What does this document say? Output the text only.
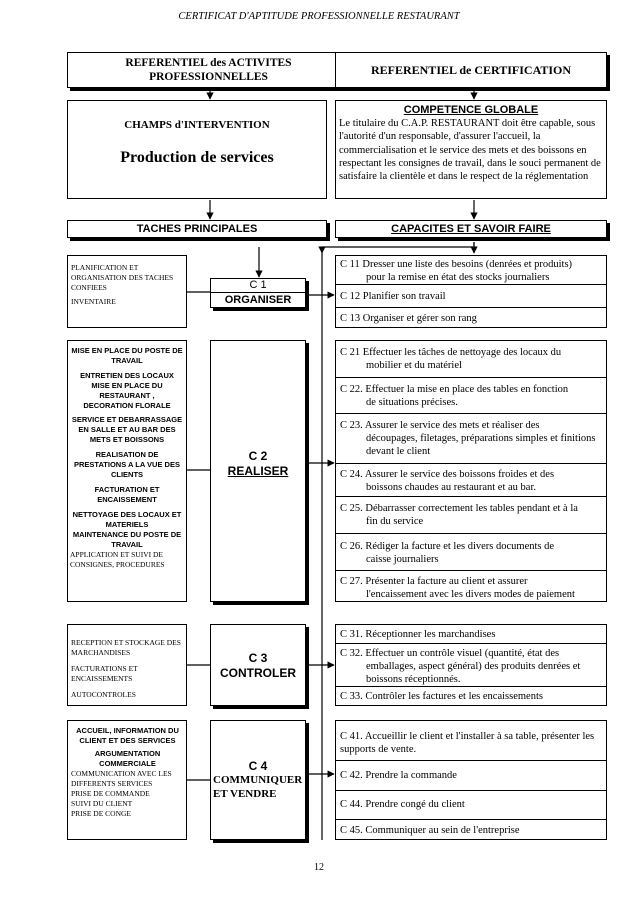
CERTIFICAT D'APTITUDE PROFESSIONNELLE RESTAURANT
REFERENTIEL des ACTIVITES PROFESSIONNELLES
REFERENTIEL de CERTIFICATION
CHAMPS d'INTERVENTION
Production de services
COMPETENCE GLOBALE
Le titulaire du C.A.P. RESTAURANT doit être capable, sous l'autorité d'un responsable, d'assurer l'accueil, la commercialisation et le service des mets et des boissons en respectant les consignes de travail, dans le souci permanent de satisfaire la clientèle et dans le respect de la réglementation
TACHES PRINCIPALES	CAPACITES ET SAVOIR FAIRE
PLANIFICATION ET ORGANISATION DES TACHES CONFIEES
INVENTAIRE
C 1
ORGANISER
C 11 Dresser une liste des besoins (denrées et produits)
pour la remise en état des stocks journaliers
C 12 Planifier son travail
C 13 Organiser et gérer son rang
MISE EN PLACE DU POSTE DE TRAVAIL
ENTRETIEN DES LOCAUX
MISE EN PLACE DU RESTAURANT ,
DECORATION FLORALE
SERVICE ET DEBARRASSAGE EN SALLE ET AU BAR DES METS ET BOISSONS
REALISATION DE PRESTATIONS A LA VUE DES CLIENTS
FACTURATION ET ENCAISSEMENT
NETTOYAGE DES LOCAUX ET MATERIELS
MAINTENANCE DU POSTE DE TRAVAIL
APPLICATION ET SUIVI DE CONSIGNES, PROCEDURES
C 2
REALISER
C 21 Effectuer les tâches de nettoyage des locaux du
mobilier et du matériel
C 22. Effectuer la mise en place des tables en fonction
de situations précises.
C 23. Assurer le service des mets et réaliser des
découpages, filetages, préparations simples et finitions devant le client
C 24. Assurer le service des boissons froides et des
boissons chaudes au restaurant et au bar.
C 25. Débarrasser correctement les tables pendant et à la
fin du service
C 26. Rédiger la facture et les divers documents de
caisse journaliers
C 27. Présenter la facture au client et assurer
l'encaissement avec les divers modes de paiement
RECEPTION ET STOCKAGE DES MARCHANDISES
FACTURATIONS ET ENCAISSEMENTS
AUTOCONTROLES
C 3
CONTROLER
C 31. Réceptionner les marchandises
C 32. Effectuer un contrôle visuel (quantité, état des
emballages, aspect général) des produits denrées et boissons réceptionnés.
C 33. Contrôler les factures et les encaissements
ACCUEIL, INFORMATION DU CLIENT ET DES SERVICES
ARGUMENTATION COMMERCIALE
COMMUNICATION AVEC LES DIFFERENTS SERVICES
PRISE DE COMMANDE
SUIVI DU CLIENT
PRISE DE CONGE
C 4
COMMUNIQUER ET VENDRE
C 41. Accueillir le client et l'installer à sa table, présenter les supports de vente.
C 42. Prendre la commande
C 44. Prendre congé du client
C 45. Communiquer au sein de l'entreprise
12
